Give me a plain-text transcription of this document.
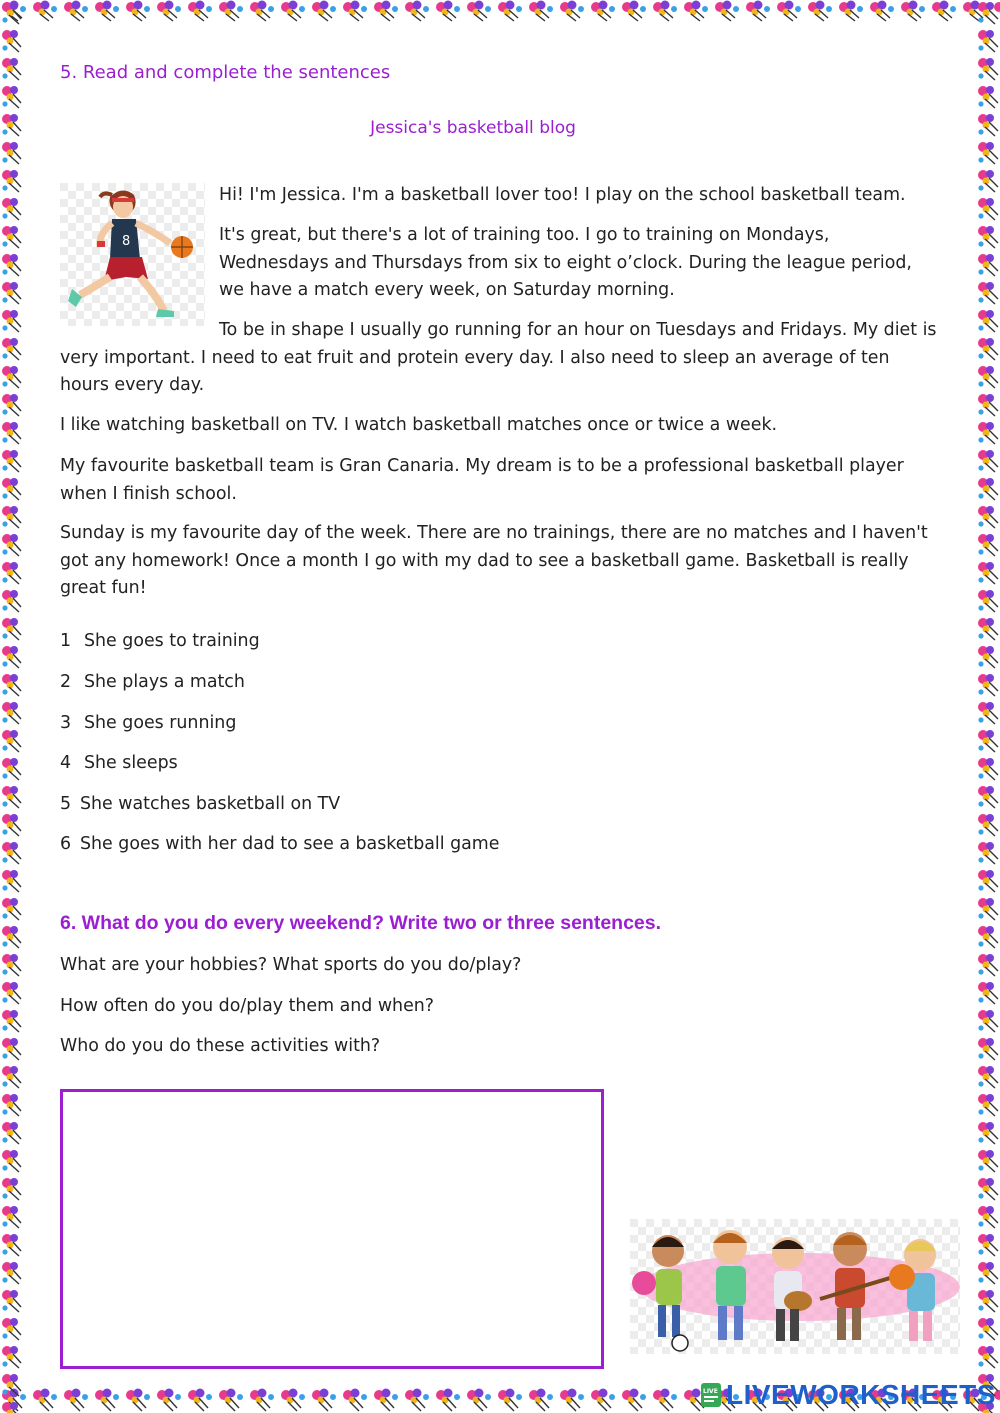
5. Read and complete the sentences
Jessica's basketball blog
8

Hi! I'm Jessica. I'm a basketball lover too! I play on the school basketball team.

It's great, but there's a lot of training too. I go to training on Mondays, Wednesdays and Thursdays from six to eight o’clock. During the league period, we have a match every week, on Saturday morning.

To be in shape I usually go running for an hour on Tuesdays and Fridays. My diet is very important. I need to eat fruit and protein every day. I also need to sleep an average of ten hours every day.

I like watching basketball on TV. I watch basketball matches once or twice a week.

My favourite basketball team is Gran Canaria. My dream is to be a professional basketball player when I finish school.

Sunday is my favourite day of the week. There are no trainings, there are no matches and I haven't got any homework! Once a month I go with my dad to see a basketball game. Basketball is really great fun!

1 She goes to training
2 She plays a match
3 She goes running
4 She sleeps
5 She watches basketball on TV
6 She goes with her dad to see a basketball game
6. What do you do every weekend? Write two or three sentences.
What are your hobbies? What sports do you do/play?
How often do you do/play them and when?
Who do you do these activities with?
LIVE LIVEWORKSHEETS
